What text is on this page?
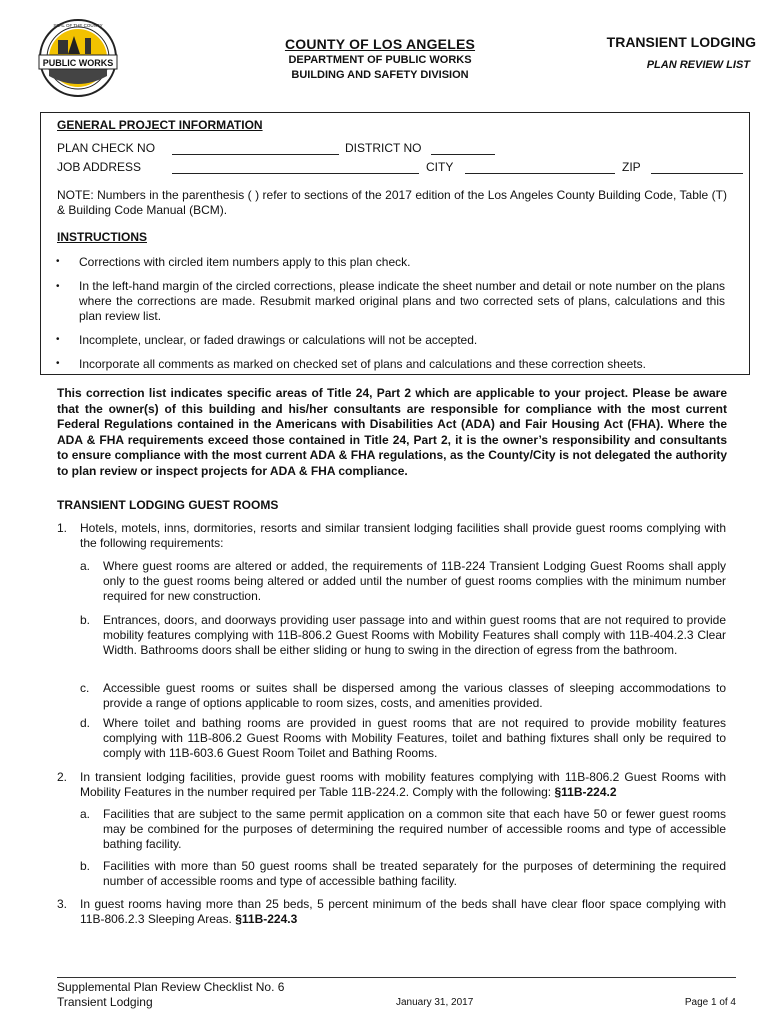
PUBLIC WORKS
SEAL OF THE COUNTY
COUNTY OF LOS ANGELES
DEPARTMENT OF PUBLIC WORKS
BUILDING AND SAFETY DIVISION
TRANSIENT LODGING
PLAN REVIEW LIST
GENERAL PROJECT INFORMATION
PLAN CHECK NO	DISTRICT NO
JOB ADDRESS	CITY	ZIP
NOTE: Numbers in the parenthesis ( ) refer to sections of the 2017 edition of the Los Angeles County Building Code, Table (T) & Building Code Manual (BCM).
INSTRUCTIONS
• Corrections with circled item numbers apply to this plan check.
• In the left-hand margin of the circled corrections, please indicate the sheet number and detail or note number on the plans where the corrections are made. Resubmit marked original plans and two corrected sets of plans, calculations and this plan review list.
• Incomplete, unclear, or faded drawings or calculations will not be accepted.
• Incorporate all comments as marked on checked set of plans and calculations and these correction sheets.
This correction list indicates specific areas of Title 24, Part 2 which are applicable to your project. Please be aware that the owner(s) of this building and his/her consultants are responsible for compliance with the most current Federal Regulations contained in the Americans with Disabilities Act (ADA) and Fair Housing Act (FHA). Where the ADA & FHA requirements exceed those contained in Title 24, Part 2, it is the owner’s responsibility and consultants to ensure compliance with the most current ADA & FHA regulations, as the County/City is not delegated the authority to plan review or inspect projects for ADA & FHA compliance.
TRANSIENT LODGING GUEST ROOMS
1. Hotels, motels, inns, dormitories, resorts and similar transient lodging facilities shall provide guest rooms complying with the following requirements:
a. Where guest rooms are altered or added, the requirements of 11B-224 Transient Lodging Guest Rooms shall apply only to the guest rooms being altered or added until the number of guest rooms complies with the minimum number required for new construction.
b. Entrances, doors, and doorways providing user passage into and within guest rooms that are not required to provide mobility features complying with 11B-806.2 Guest Rooms with Mobility Features shall comply with 11B-404.2.3 Clear Width. Bathrooms doors shall be either sliding or hung to swing in the direction of egress from the bathroom.
c. Accessible guest rooms or suites shall be dispersed among the various classes of sleeping accommodations to provide a range of options applicable to room sizes, costs, and amenities provided.
d. Where toilet and bathing rooms are provided in guest rooms that are not required to provide mobility features complying with 11B-806.2 Guest Rooms with Mobility Features, toilet and bathing fixtures shall only be required to comply with 11B-603.6 Guest Room Toilet and Bathing Rooms.
2. In transient lodging facilities, provide guest rooms with mobility features complying with 11B-806.2 Guest Rooms with Mobility Features in the number required per Table 11B-224.2. Comply with the following: §11B-224.2
a. Facilities that are subject to the same permit application on a common site that each have 50 or fewer guest rooms may be combined for the purposes of determining the required number of accessible rooms and type of accessible bathing facility.
b. Facilities with more than 50 guest rooms shall be treated separately for the purposes of determining the required number of accessible rooms and type of accessible bathing facility.
3. In guest rooms having more than 25 beds, 5 percent minimum of the beds shall have clear floor space complying with 11B-806.2.3 Sleeping Areas. §11B-224.3
Supplemental Plan Review Checklist No. 6
Transient Lodging	January 31, 2017	Page 1 of 4
